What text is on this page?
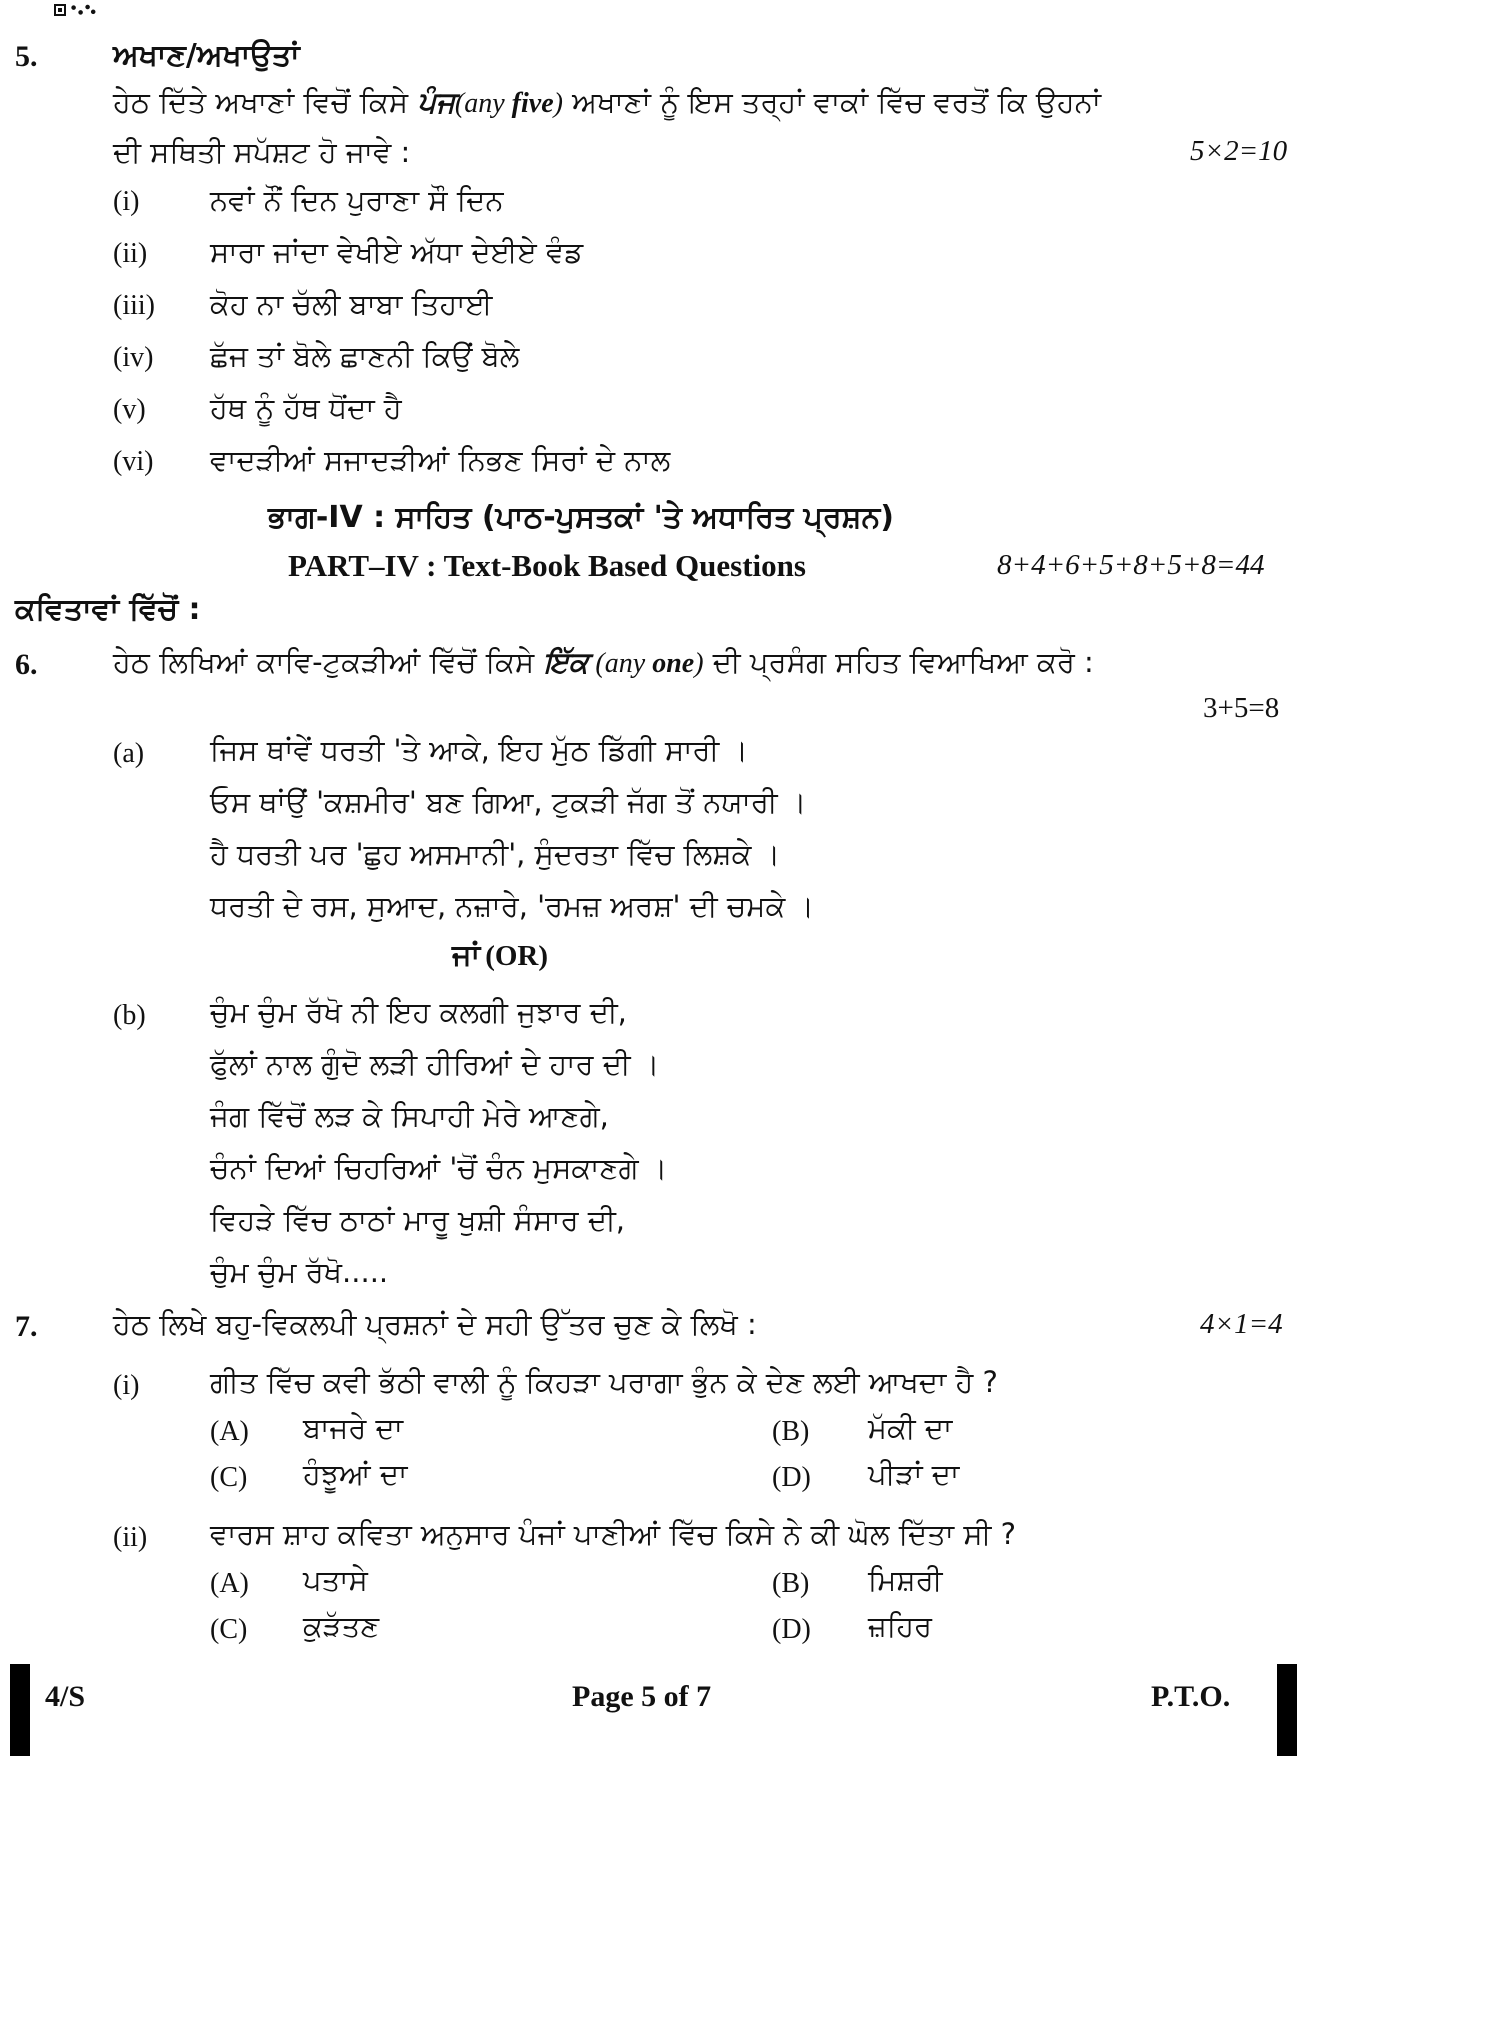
5.	ਅਖਾਣ/ਅਖਾਉਤਾਂ
ਹੇਠ ਦਿੱਤੇ ਅਖਾਣਾਂ ਵਿਚੋਂ ਕਿਸੇ ਪੰਜ(any five) ਅਖਾਣਾਂ ਨੂੰ ਇਸ ਤਰ੍ਹਾਂ ਵਾਕਾਂ ਵਿੱਚ ਵਰਤੋਂ ਕਿ ਉਹਨਾਂ
ਦੀ ਸਥਿਤੀ ਸਪੱਸ਼ਟ ਹੋ ਜਾਵੇ :	5×2=10
(i) ਨਵਾਂ ਨੌਂ ਦਿਨ ਪੁਰਾਣਾ ਸੌ ਦਿਨ
(ii) ਸਾਰਾ ਜਾਂਦਾ ਵੇਖੀਏ ਅੱਧਾ ਦੇਈਏ ਵੰਡ
(iii) ਕੋਹ ਨਾ ਚੱਲੀ ਬਾਬਾ ਤਿਹਾਈ
(iv) ਛੱਜ ਤਾਂ ਬੋਲੇ ਛਾਣਨੀ ਕਿਉਂ ਬੋਲੇ
(v) ਹੱਥ ਨੂੰ ਹੱਥ ਧੋਂਦਾ ਹੈ
(vi) ਵਾਦੜੀਆਂ ਸਜਾਦੜੀਆਂ ਨਿਭਣ ਸਿਰਾਂ ਦੇ ਨਾਲ
ਭਾਗ-IV : ਸਾਹਿਤ (ਪਾਠ-ਪੁਸਤਕਾਂ 'ਤੇ ਅਧਾਰਿਤ ਪ੍ਰਸ਼ਨ)
PART–IV : Text-Book Based Questions	8+4+6+5+8+5+8=44
ਕਵਿਤਾਵਾਂ ਵਿੱਚੋਂ :
6.	ਹੇਠ ਲਿਖਿਆਂ ਕਾਵਿ-ਟੁਕੜੀਆਂ ਵਿੱਚੋਂ ਕਿਸੇ ਇੱਕ (any one) ਦੀ ਪ੍ਰਸੰਗ ਸਹਿਤ ਵਿਆਖਿਆ ਕਰੋ :
3+5=8
(a) ਜਿਸ ਥਾਂਵੇਂ ਧਰਤੀ 'ਤੇ ਆਕੇ, ਇਹ ਮੁੱਠ ਡਿੱਗੀ ਸਾਰੀ ।
ਓਸ ਥਾਂਉਂ 'ਕਸ਼ਮੀਰ' ਬਣ ਗਿਆ, ਟੁਕੜੀ ਜੱਗ ਤੋਂ ਨਯਾਰੀ ।
ਹੈ ਧਰਤੀ ਪਰ 'ਛੁਹ ਅਸਮਾਨੀ', ਸੁੰਦਰਤਾ ਵਿੱਚ ਲਿਸ਼ਕੇ ।
ਧਰਤੀ ਦੇ ਰਸ, ਸੁਆਦ, ਨਜ਼ਾਰੇ, 'ਰਮਜ਼ ਅਰਸ਼' ਦੀ ਚਮਕੇ ।
ਜਾਂ (OR)
(b) ਚੁੰਮ ਚੁੰਮ ਰੱਖੋ ਨੀ ਇਹ ਕਲਗੀ ਜੁਝਾਰ ਦੀ,
ਫੁੱਲਾਂ ਨਾਲ ਗੁੰਦੋ ਲੜੀ ਹੀਰਿਆਂ ਦੇ ਹਾਰ ਦੀ ।
ਜੰਗ ਵਿੱਚੋਂ ਲੜ ਕੇ ਸਿਪਾਹੀ ਮੇਰੇ ਆਣਗੇ,
ਚੰਨਾਂ ਦਿਆਂ ਚਿਹਰਿਆਂ 'ਚੋਂ ਚੰਨ ਮੁਸਕਾਣਗੇ ।
ਵਿਹੜੇ ਵਿੱਚ ਠਾਠਾਂ ਮਾਰੂ ਖੁਸ਼ੀ ਸੰਸਾਰ ਦੀ,
ਚੁੰਮ ਚੁੰਮ ਰੱਖੋ.....
7.	ਹੇਠ ਲਿਖੇ ਬਹੁ-ਵਿਕਲਪੀ ਪ੍ਰਸ਼ਨਾਂ ਦੇ ਸਹੀ ਉੱਤਰ ਚੁਣ ਕੇ ਲਿਖੋ :	4×1=4
(i) ਗੀਤ ਵਿੱਚ ਕਵੀ ਭੱਠੀ ਵਾਲੀ ਨੂੰ ਕਿਹੜਾ ਪਰਾਗਾ ਭੁੰਨ ਕੇ ਦੇਣ ਲਈ ਆਖਦਾ ਹੈ ?
(A) ਬਾਜਰੇ ਦਾ	(B) ਮੱਕੀ ਦਾ
(C) ਹੰਝੂਆਂ ਦਾ	(D) ਪੀੜਾਂ ਦਾ
(ii) ਵਾਰਸ ਸ਼ਾਹ ਕਵਿਤਾ ਅਨੁਸਾਰ ਪੰਜਾਂ ਪਾਣੀਆਂ ਵਿੱਚ ਕਿਸੇ ਨੇ ਕੀ ਘੋਲ ਦਿੱਤਾ ਸੀ ?
(A) ਪਤਾਸੇ	(B) ਮਿਸ਼ਰੀ
(C) ਕੁੜੱਤਣ	(D) ਜ਼ਹਿਰ
4/S	Page 5 of 7	P.T.O.
